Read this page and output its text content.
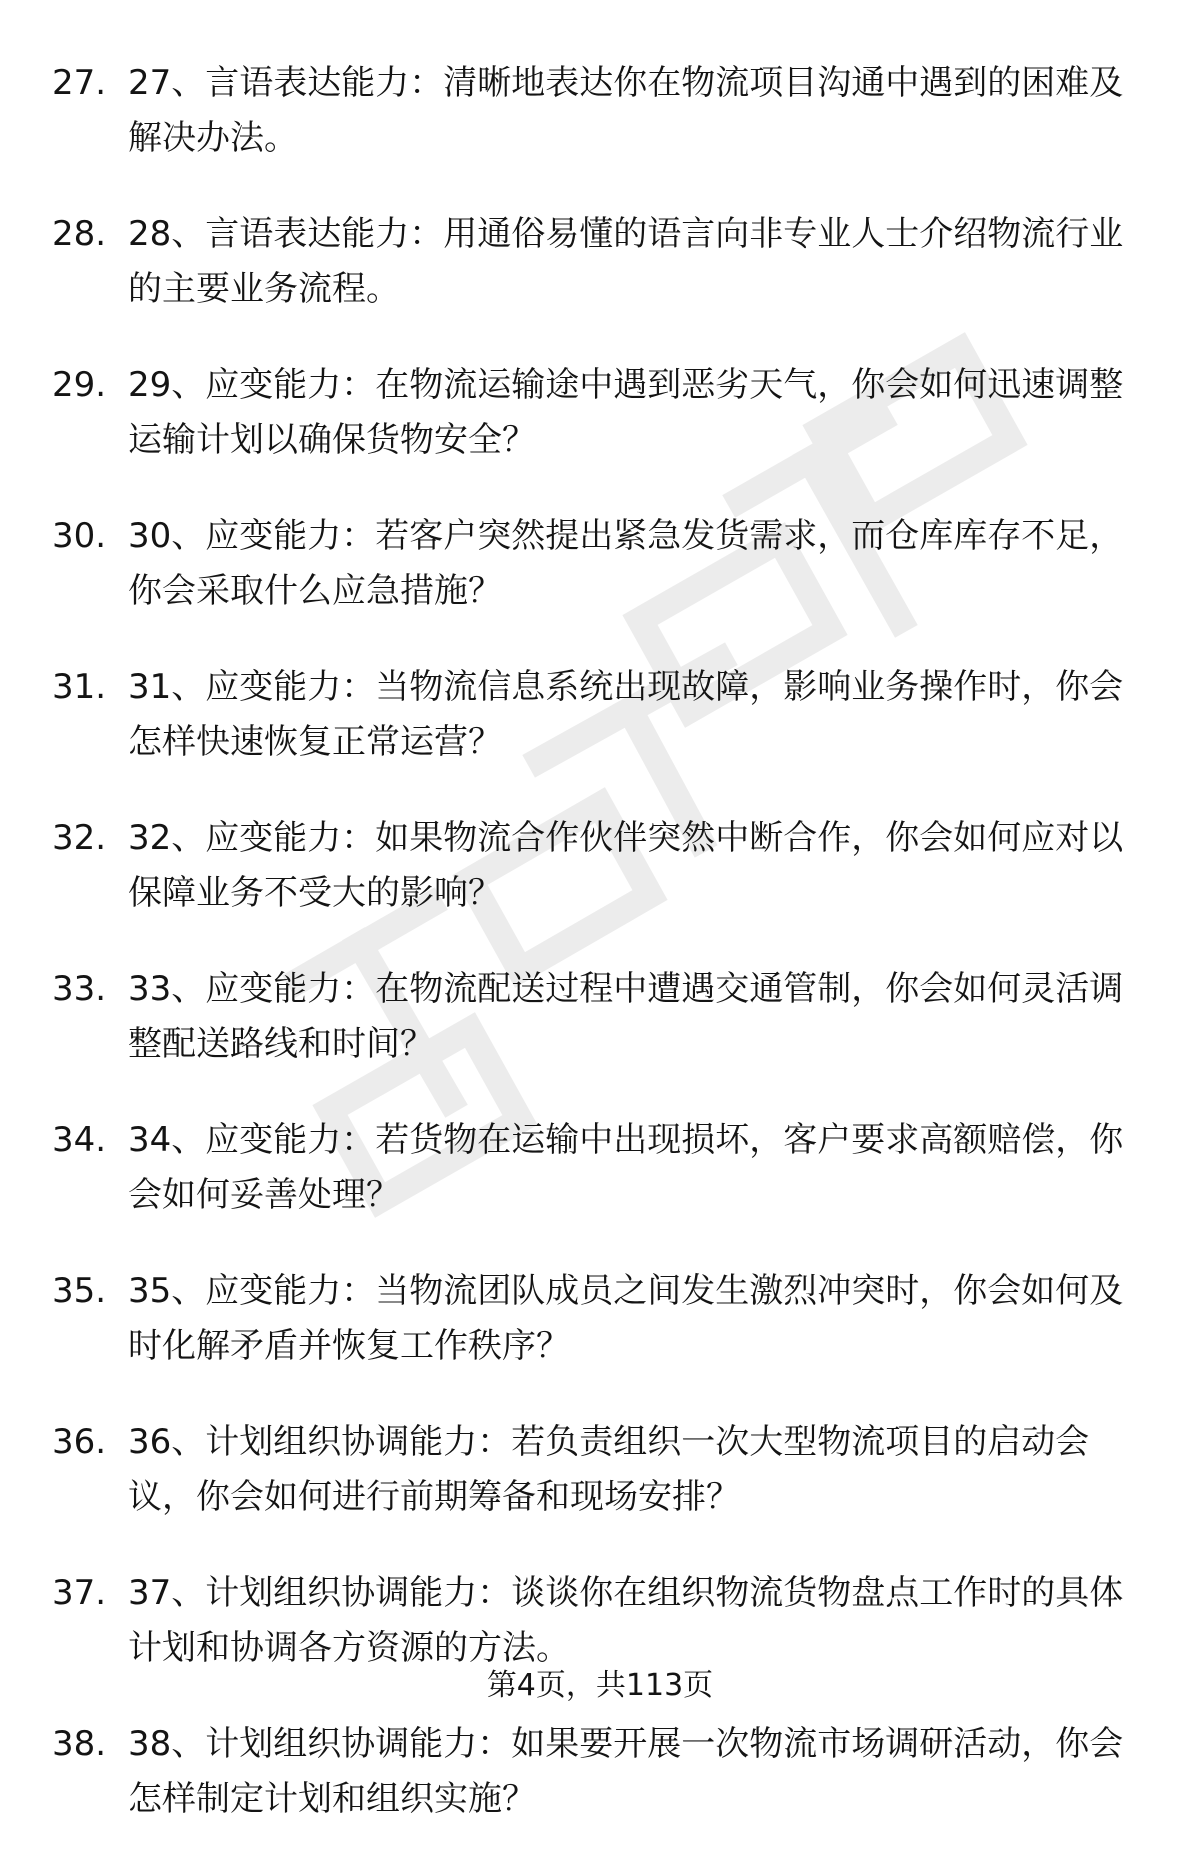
27. 27、言语表达能力：清晰地表达你在物流项目沟通中遇到的困难及解决办法。
28. 28、言语表达能力：用通俗易懂的语言向非专业人士介绍物流行业的主要业务流程。
29. 29、应变能力：在物流运输途中遇到恶劣天气，你会如何迅速调整运输计划以确保货物安全？
30. 30、应变能力：若客户突然提出紧急发货需求，而仓库库存不足，你会采取什么应急措施？
31. 31、应变能力：当物流信息系统出现故障，影响业务操作时，你会怎样快速恢复正常运营？
32. 32、应变能力：如果物流合作伙伴突然中断合作，你会如何应对以保障业务不受大的影响？
33. 33、应变能力：在物流配送过程中遭遇交通管制，你会如何灵活调整配送路线和时间？
34. 34、应变能力：若货物在运输中出现损坏，客户要求高额赔偿，你会如何妥善处理？
35. 35、应变能力：当物流团队成员之间发生激烈冲突时，你会如何及时化解矛盾并恢复工作秩序？
36. 36、计划组织协调能力：若负责组织一次大型物流项目的启动会议，你会如何进行前期筹备和现场安排？
37. 37、计划组织协调能力：谈谈你在组织物流货物盘点工作时的具体计划和协调各方资源的方法。
38. 38、计划组织协调能力：如果要开展一次物流市场调研活动，你会怎样制定计划和组织实施？
第4页，共113页
